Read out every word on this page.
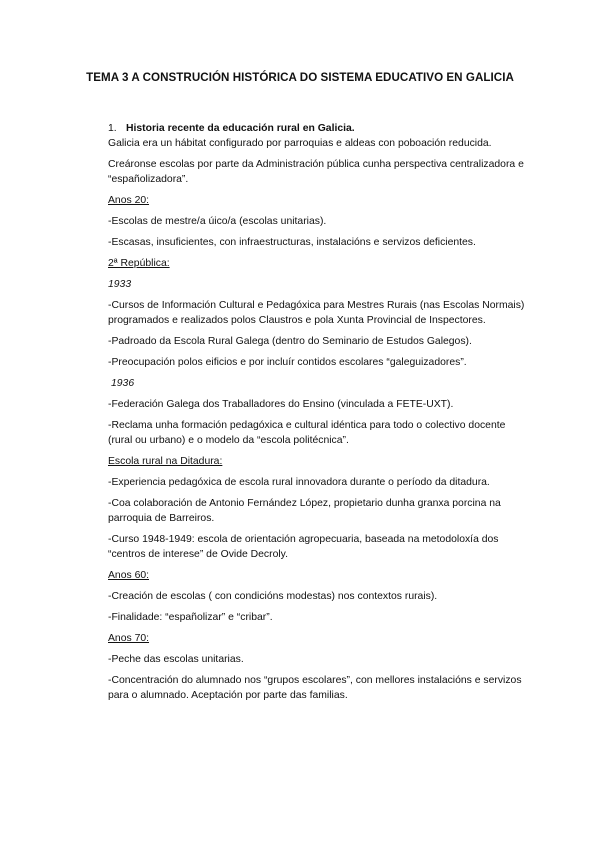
TEMA 3 A CONSTRUCIÓN HISTÓRICA DO SISTEMA EDUCATIVO EN GALICIA
1. Historia recente da educación rural en Galicia.

Galicia era un hábitat configurado por parroquias e aldeas con poboación reducida.

Creáronse escolas por parte da Administración pública cunha perspectiva centralizadora e “españolizadora”.

Anos 20:

-Escolas de mestre/a úico/a (escolas unitarias).

-Escasas, insuficientes, con infraestructuras, instalacións e servizos deficientes.

2ª República:

1933

-Cursos de Información Cultural e Pedagóxica para Mestres Rurais (nas Escolas Normais) programados e realizados polos Claustros e pola Xunta Provincial de Inspectores.

-Padroado da Escola Rural Galega (dentro do Seminario de Estudos Galegos).

-Preocupación polos eificios e por incluír contidos escolares “galeguizadores”.

1936

-Federación Galega dos Traballadores do Ensino (vinculada a FETE-UXT).

-Reclama unha formación pedagóxica e cultural idéntica para todo o colectivo docente (rural ou urbano) e o modelo da “escola politécnica”.

Escola rural na Ditadura:

-Experiencia pedagóxica de escola rural innovadora durante o período da ditadura.

-Coa colaboración de Antonio Fernández López, propietario dunha granxa porcina na parroquia de Barreiros.

-Curso 1948-1949: escola de orientación agropecuaria, baseada na metodoloxía dos “centros de interese” de Ovide Decroly.

Anos 60:

-Creación de escolas ( con condicións modestas) nos contextos rurais).

-Finalidade: “españolizar” e “cribar”.

Anos 70:

-Peche das escolas unitarias.

-Concentración do alumnado nos “grupos escolares”, con mellores instalacións e servizos para o alumnado. Aceptación por parte das familias.
